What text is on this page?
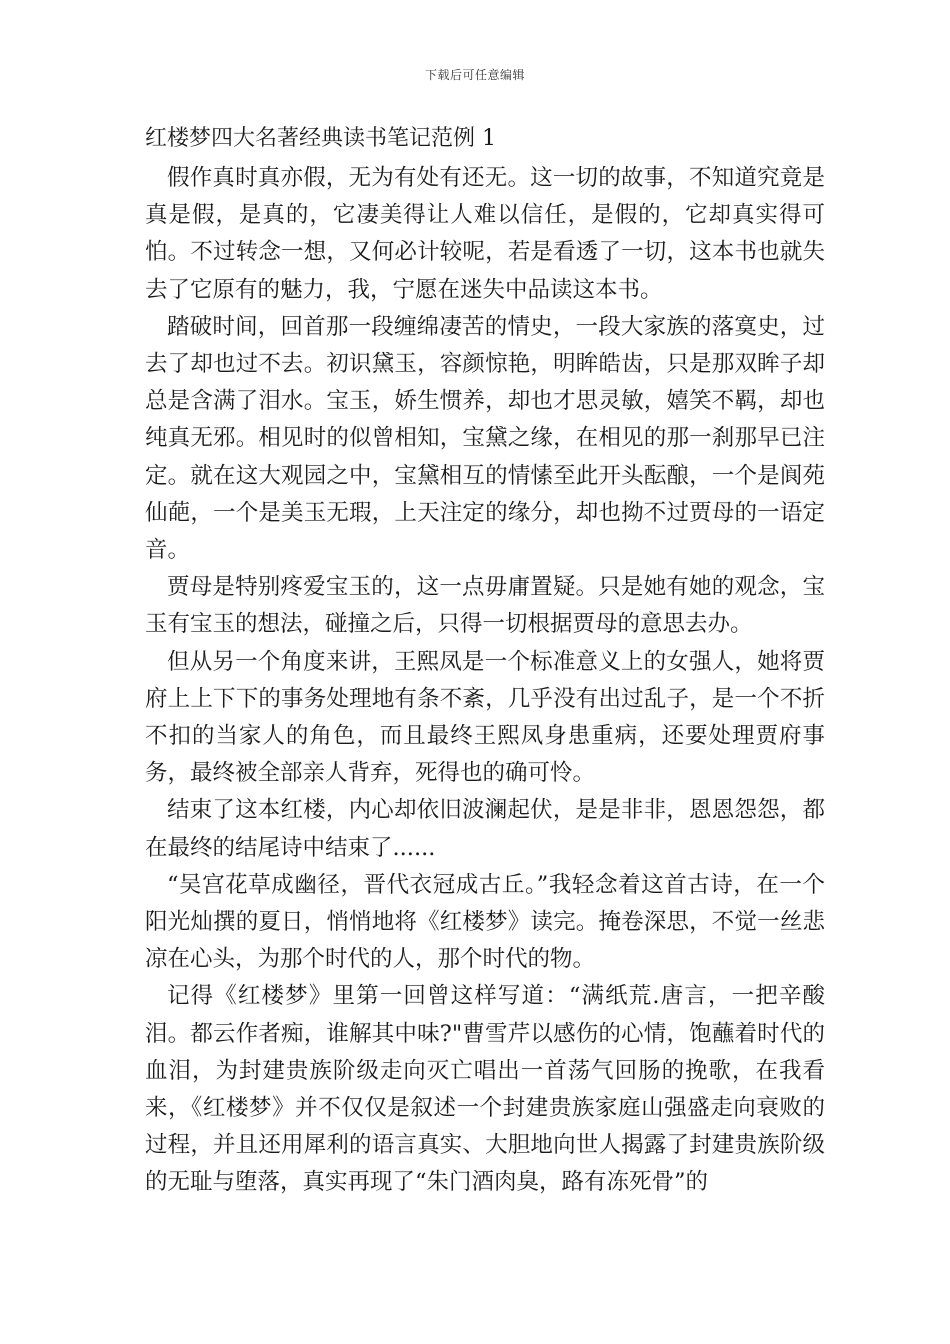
下载后可任意编辑
红楼梦四大名著经典读书笔记范例 1

假作真时真亦假，无为有处有还无。这一切的故事，不知道究竟是真是假，是真的，它凄美得让人难以信任，是假的，它却真实得可怕。不过转念一想，又何必计较呢，若是看透了一切，这本书也就失去了它原有的魅力，我，宁愿在迷失中品读这本书。

踏破时间，回首那一段缠绵凄苦的情史，一段大家族的落寞史，过去了却也过不去。初识黛玉，容颜惊艳，明眸皓齿，只是那双眸子却总是含满了泪水。宝玉，娇生惯养，却也才思灵敏，嬉笑不羁，却也纯真无邪。相见时的似曾相知，宝黛之缘，在相见的那一刹那早已注定。就在这大观园之中，宝黛相互的情愫至此开头酝酿，一个是阆苑仙葩，一个是美玉无瑕，上天注定的缘分，却也拗不过贾母的一语定音。

贾母是特别疼爱宝玉的，这一点毋庸置疑。只是她有她的观念，宝玉有宝玉的想法，碰撞之后，只得一切根据贾母的意思去办。

但从另一个角度来讲，王熙凤是一个标准意义上的女强人，她将贾府上上下下的事务处理地有条不紊，几乎没有出过乱子，是一个不折不扣的当家人的角色，而且最终王熙凤身患重病，还要处理贾府事务，最终被全部亲人背弃，死得也的确可怜。

结束了这本红楼，内心却依旧波澜起伏，是是非非，恩恩怨怨，都在最终的结尾诗中结束了......

“吴宫花草成幽径，晋代衣冠成古丘。”我轻念着这首古诗，在一个阳光灿撰的夏日，悄悄地将《红楼梦》读完。掩卷深思，不觉一丝悲凉在心头，为那个时代的人，那个时代的物。

记得《红楼梦》里第一回曾这样写道：“满纸荒.唐言，一把辛酸泪。都云作者痴，谁解其中味?"曹雪芹以感伤的心情，饱蘸着时代的血泪，为封建贵族阶级走向灭亡唱出一首荡气回肠的挽歌，在我看来，《红楼梦》并不仅仅是叙述一个封建贵族家庭山强盛走向衰败的过程，并且还用犀利的语言真实、大胆地向世人揭露了封建贵族阶级的无耻与堕落，真实再现了“朱门酒肉臭，路有冻死骨”的
